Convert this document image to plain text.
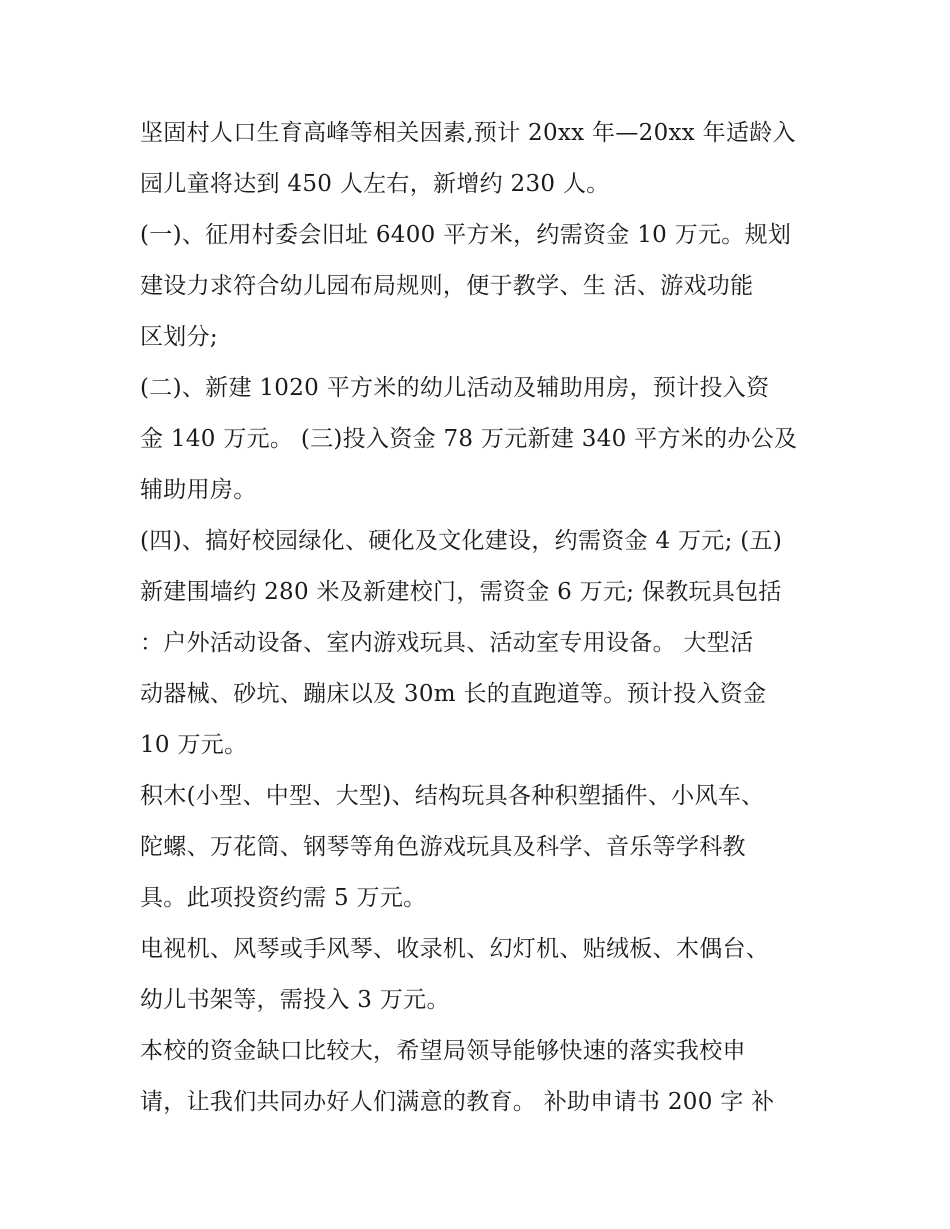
坚固村人口生育高峰等相关因素,预计 20xx 年—20xx 年适龄入
园儿童将达到 450 人左右，新增约 230 人。
(一)、征用村委会旧址 6400 平方米，约需资金 10 万元。规划
建设力求符合幼儿园布局规则，便于教学、生 活、游戏功能
区划分;
(二)、新建 1020 平方米的幼儿活动及辅助用房，预计投入资
金 140 万元。 (三)投入资金 78 万元新建 340 平方米的办公及
辅助用房。
(四)、搞好校园绿化、硬化及文化建设，约需资金 4 万元; (五)
新建围墙约 280 米及新建校门，需资金 6 万元; 保教玩具包括
：户外活动设备、室内游戏玩具、活动室专用设备。 大型活
动器械、砂坑、蹦床以及 30m 长的直跑道等。预计投入资金
10 万元。
积木(小型、中型、大型)、结构玩具各种积塑插件、小风车、
陀螺、万花筒、钢琴等角色游戏玩具及科学、音乐等学科教
具。此项投资约需 5 万元。
电视机、风琴或手风琴、收录机、幻灯机、贴绒板、木偶台、
幼儿书架等，需投入 3 万元。
本校的资金缺口比较大，希望局领导能够快速的落实我校申
请，让我们共同办好人们满意的教育。 补助申请书 200 字 补
